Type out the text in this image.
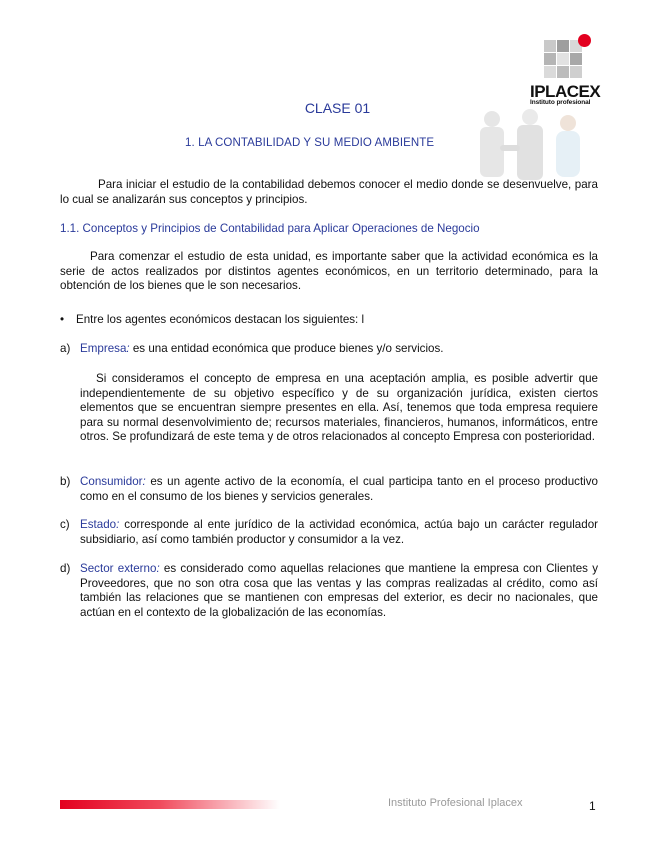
IPLACEX
Instituto profesional
CLASE 01
1. LA CONTABILIDAD Y SU MEDIO AMBIENTE
Para iniciar el estudio de la contabilidad debemos conocer el medio donde se desenvuelve, para lo cual se analizarán sus conceptos y principios.
1.1. Conceptos y Principios de Contabilidad para Aplicar Operaciones de Negocio
Para comenzar el estudio de esta unidad, es importante saber que la actividad económica es la serie de actos realizados por distintos agentes económicos, en un territorio determinado, para la obtención de los bienes que le son necesarios.
• Entre los agentes económicos destacan los siguientes: l
a) Empresa: es una entidad económica que produce bienes y/o servicios.
Si consideramos el concepto de empresa en una aceptación amplia, es posible advertir que independientemente de su objetivo específico y de su organización jurídica, existen ciertos elementos que se encuentran siempre presentes en ella. Así, tenemos que toda empresa requiere para su normal desenvolvimiento de; recursos materiales, financieros, humanos, informáticos, entre otros. Se profundizará de este tema y de otros relacionados al concepto Empresa con posterioridad.
b) Consumidor: es un agente activo de la economía, el cual participa tanto en el proceso productivo como en el consumo de los bienes y servicios generales.
c) Estado: corresponde al ente jurídico de la actividad económica, actúa bajo un carácter regulador subsidiario, así como también productor y consumidor a la vez.
d) Sector externo: es considerado como aquellas relaciones que mantiene la empresa con Clientes y Proveedores, que no son otra cosa que las ventas y las compras realizadas al crédito, como así también las relaciones que se mantienen con empresas del exterior, es decir no nacionales, que actúan en el contexto de la globalización de las economías.
Instituto Profesional Iplacex	1
